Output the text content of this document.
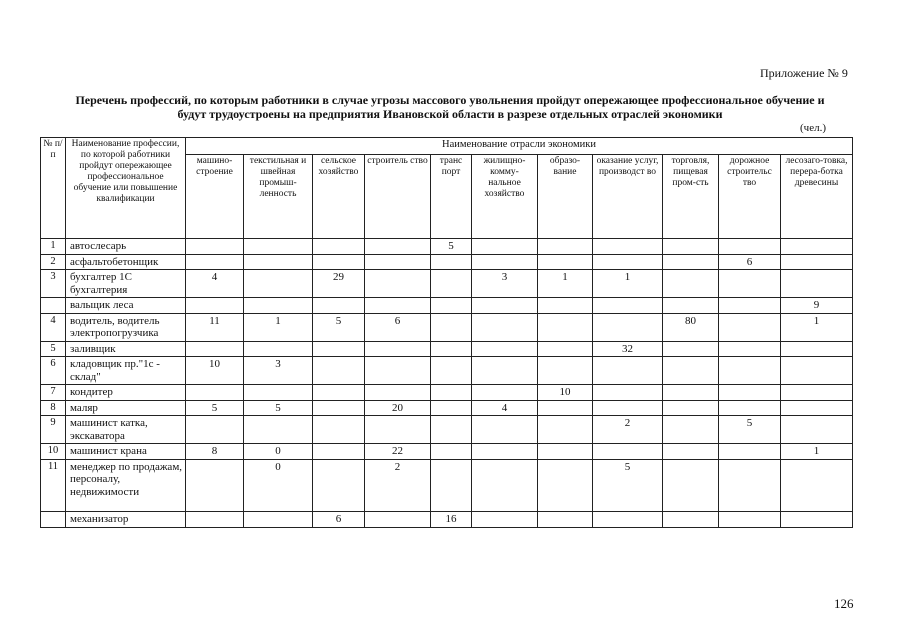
Приложение № 9
Перечень профессий, по которым работники в случае угрозы массового увольнения пройдут опережающее профессиональное обучение и
будут трудоустроены на предприятия Ивановской области в разрезе отдельных отраслей экономики
(чел.)
№ п/п	Наименование профессии, по которой работники пройдут опережающее профессиональное обучение или повышение квалификации	Наименование отрасли экономики										
		машино-строение	текстильная и швейная промыш-ленность	сельское хозяйство	строитель ство	транс порт	жилищно-комму-нальное хозяйство	образо-вание	оказание услуг, производст во	торговля, пищевая пром-сть	дорожное строительс тво	лесозаго-товка, перера-ботка древесины
1	автослесарь					5						
2	асфальтобетонщик										6	
3	бухгалтер 1С бухгалтерия	4		29			3	1	1			
	вальщик леса											9
4	водитель, водитель электропогрузчика	11	1	5	6					80		1
5	заливщик								32			
6	кладовщик пр."1с - склад"	10	3									
7	кондитер							10				
8	маляр	5	5		20		4					
9	машинист катка, экскаватора								2		5	
10	машинист крана	8	0		22							1
11	менеджер по продажам, персоналу, недвижимости		0		2				5			
	механизатор			6		16						
126
